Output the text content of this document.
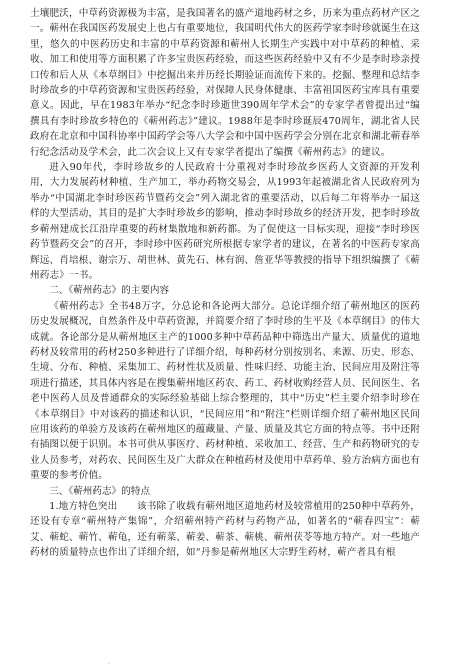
土壤肥沃，中草药资源极为丰富，是我国著名的盛产道地药材之乡，历来为重点药材产区之一。蕲州在我国医药发展史上也占有重要地位，我国明代伟大的医药学家李时珍就诞生在这里，悠久的中医药历史和丰富的中草药资源和蕲州人长期生产实践中对中草药的种植、采收、加工和使用等方面积累了许多宝贵医药经验，而这些医药经验中又有不少是李时珍亲授口传和后人从《本草纲目》中挖掘出来并历经长期验证而流传下来的。挖掘、整理和总结李时珍故乡的中草药资源和宝贵医药经验，对保障人民身体健康、丰富祖国医药宝库具有重要意义。因此，早在1983年举办“纪念李时珍逝世390周年学术会”的专家学者曾提出过“编撰具有李时珍故乡特色的《蕲州药志》”建议。1988年是李时珍诞辰470周年，湖北省人民政府在北京和中国科协率中国药学会等八大学会和中国中医药学会分别在北京和湖北蕲春举行纪念活动及学术会，此二次会议上又有专家学者提出了编撰《蕲州药志》的建议。

进入90年代，李时珍故乡的人民政府十分重视对李时珍故乡医药人文资源的开发利用，大力发展药材种植、生产加工，举办药物交易会，从1993年起被湖北省人民政府列为举办“中国湖北李时珍医药节暨药交会”列入湖北省的重要活动，以后每二年将举办一届这样的大型活动，其目的是扩大李时珍故乡的影响，推动李时珍故乡的经济开发，把李时珍故乡蕲州建成长江沿岸重要的药材集散地和新药都。为了促使这一目标实现，迎接“李时珍医药节暨药交会”的召开，李时珍中医药研究所根据专家学者的建议，在著名的中医药专家高辉远、肖培根、谢宗万、胡世林、黄先石、林有润、詹亚华等教授的指导下组织编撰了《蕲州药志》一书。

二、《蕲州药志》的主要内容

《蕲州药志》全书48万字，分总论和各论两大部分。总论详细介绍了蕲州地区的医药历史发展概况，自然条件及中草药资源，并简要介绍了李时珍的生平及《本草纲目》的伟大成就。各论部分是从蕲州地区主产的1000多种中草药品种中筛选出产量大、质量优的道地药材及较常用的药材250多种进行了详细介绍，每种药材分别按别名、来源、历史、形态、生境、分布、种植、采集加工、药材性状及质量、性味归经、功能主治、民间应用及附注等项进行描述，其具体内容是在搜集蕲州地区药农、药工、药材收购经营人员、民间医生、名老中医药人员及普通群众的实际经验基础上综合整理的，其中“历史”栏主要介绍李时珍在《本草纲目》中对该药的描述和认识，“民间应用”和“附注”栏则详细介绍了蕲州地区民间应用该药的单验方及该药在蕲州地区的蕴藏量、产量、质量及其它方面的特点等。书中还附有插图以便于识别。本书可供从事医疗、药材种植、采收加工、经营、生产和药物研究的专业人员参考，对药农、民间医生及广大群众在种植药材及使用中草药单、验方治病方面也有重要的参考价值。

三、《蕲州药志》的特点

1.地方特色突出　　该书除了收载有蕲州地区道地药材及较常植用的250种中草药外，还设有专章“蕲州特产集锦”，介绍蕲州特产药材与药物产品，如著名的“蕲春四宝”：蕲艾、蕲蛇、蕲竹、蕲龟，还有蕲菜、蕲姜、蕲茶、蕲桃、蕲州茯苓等地方特产。对一些地产药材的质量特点也作出了详细介绍，如“丹参是蕲州地区大宗野生药材，蕲产者具有根

.
